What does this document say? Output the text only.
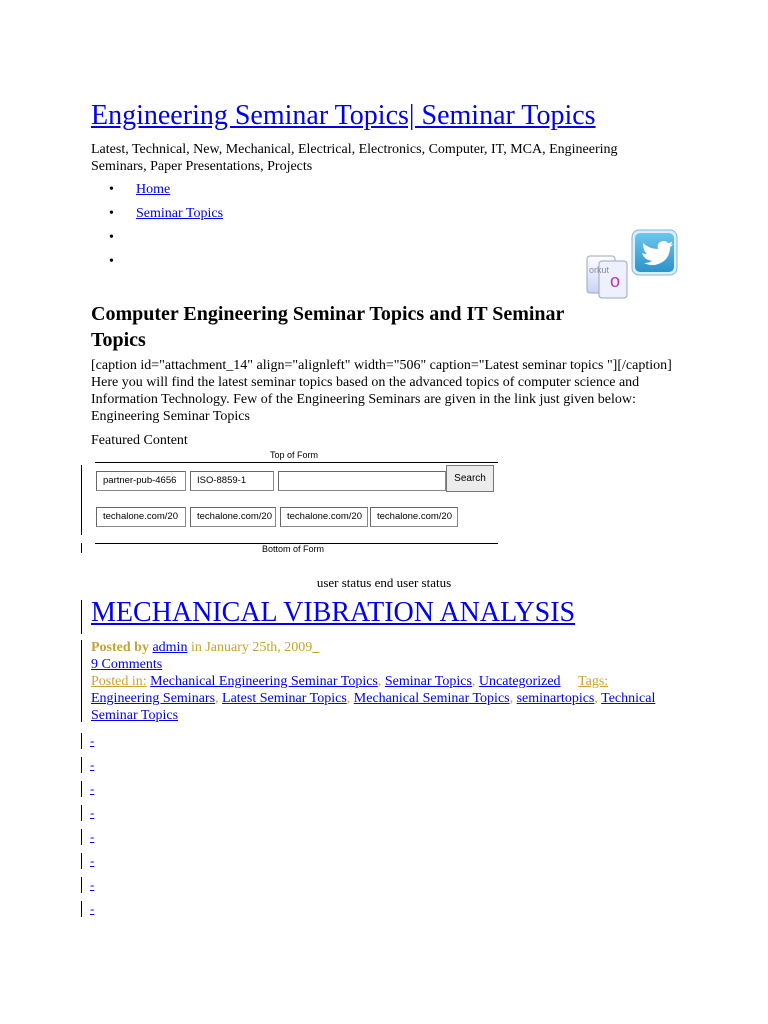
Engineering Seminar Topics| Seminar Topics
Latest, Technical, New, Mechanical, Electrical, Electronics, Computer, IT, MCA, Engineering Seminars, Paper Presentations, Projects
• Home
• Seminar Topics
•
•
orkut
o
Computer Engineering Seminar Topics and IT Seminar Topics
[caption id="attachment_14" align="alignleft" width="506" caption="Latest seminar topics "][/caption] Here you will find the latest seminar topics based on the advanced topics of computer science and Information Technology. Few of the Engineering Seminars are given in the link just given below: Engineering Seminar Topics
Featured Content
Top of Form
partner-pub-4656	ISO-8859-1	Search
techalone.com/20	techalone.com/20	techalone.com/20	techalone.com/20
Bottom of Form
user status end user status
MECHANICAL VIBRATION ANALYSIS
Posted by admin in January 25th, 2009
9 Comments
Posted in: Mechanical Engineering Seminar Topics, Seminar Topics, Uncategorized Tags: Engineering Seminars, Latest Seminar Topics, Mechanical Seminar Topics, seminartopics, Technical Seminar Topics
-
-
-
-
-
-
-
-
